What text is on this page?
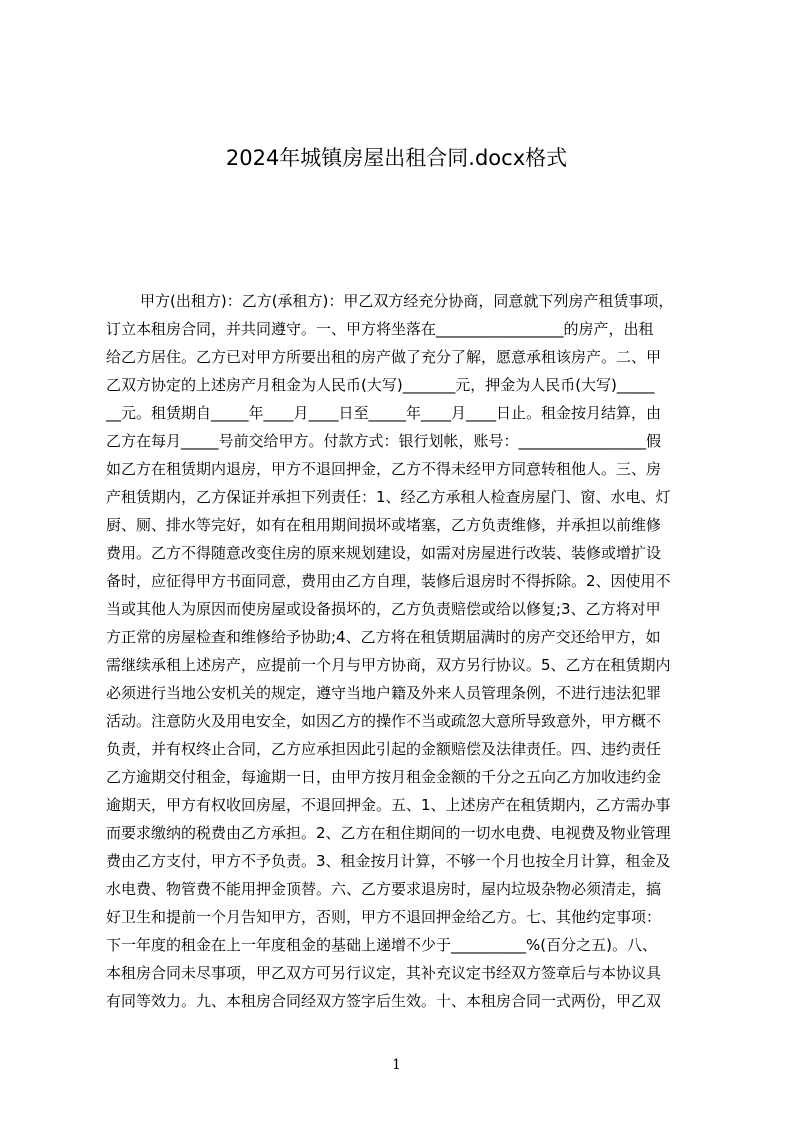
2024年城镇房屋出租合同.docx格式
甲方(出租方)：乙方(承租方)：甲乙双方经充分协商，同意就下列房产租赁事项，
订立本租房合同，并共同遵守。一、甲方将坐落在_________________的房产，出租
给乙方居住。乙方已对甲方所要出租的房产做了充分了解，愿意承租该房产。二、甲
乙双方协定的上述房产月租金为人民币(大写)_______元，押金为人民币(大写)_____
__元。租赁期自_____年____月____日至_____年____月____日止。租金按月结算，由
乙方在每月_____号前交给甲方。付款方式：银行划帐，账号：_________________假
如乙方在租赁期内退房，甲方不退回押金，乙方不得未经甲方同意转租他人。三、房
产租赁期内，乙方保证并承担下列责任：1、经乙方承租人检查房屋门、窗、水电、灯
厨、厕、排水等完好，如有在租用期间损坏或堵塞，乙方负责维修，并承担以前维修
费用。乙方不得随意改变住房的原来规划建设，如需对房屋进行改装、装修或增扩设
备时，应征得甲方书面同意，费用由乙方自理，装修后退房时不得拆除。2、因使用不
当或其他人为原因而使房屋或设备损坏的，乙方负责赔偿或给以修复;3、乙方将对甲
方正常的房屋检查和维修给予协助;4、乙方将在租赁期届满时的房产交还给甲方，如
需继续承租上述房产，应提前一个月与甲方协商，双方另行协议。5、乙方在租赁期内
必须进行当地公安机关的规定，遵守当地户籍及外来人员管理条例，不进行违法犯罪
活动。注意防火及用电安全，如因乙方的操作不当或疏忽大意所导致意外，甲方概不
负责，并有权终止合同，乙方应承担因此引起的金额赔偿及法律责任。四、违约责任
乙方逾期交付租金，每逾期一日，由甲方按月租金金额的千分之五向乙方加收违约金
逾期天，甲方有权收回房屋，不退回押金。五、1、上述房产在租赁期内，乙方需办事
而要求缴纳的税费由乙方承担。2、乙方在租住期间的一切水电费、电视费及物业管理
费由乙方支付，甲方不予负责。3、租金按月计算，不够一个月也按全月计算，租金及
水电费、物管费不能用押金顶替。六、乙方要求退房时，屋内垃圾杂物必须清走，搞
好卫生和提前一个月告知甲方，否则，甲方不退回押金给乙方。七、其他约定事项：
下一年度的租金在上一年度租金的基础上递增不少于__________%(百分之五)。八、
本租房合同未尽事项，甲乙双方可另行议定，其补充议定书经双方签章后与本协议具
有同等效力。九、本租房合同经双方签字后生效。十、本租房合同一式两份，甲乙双
1
